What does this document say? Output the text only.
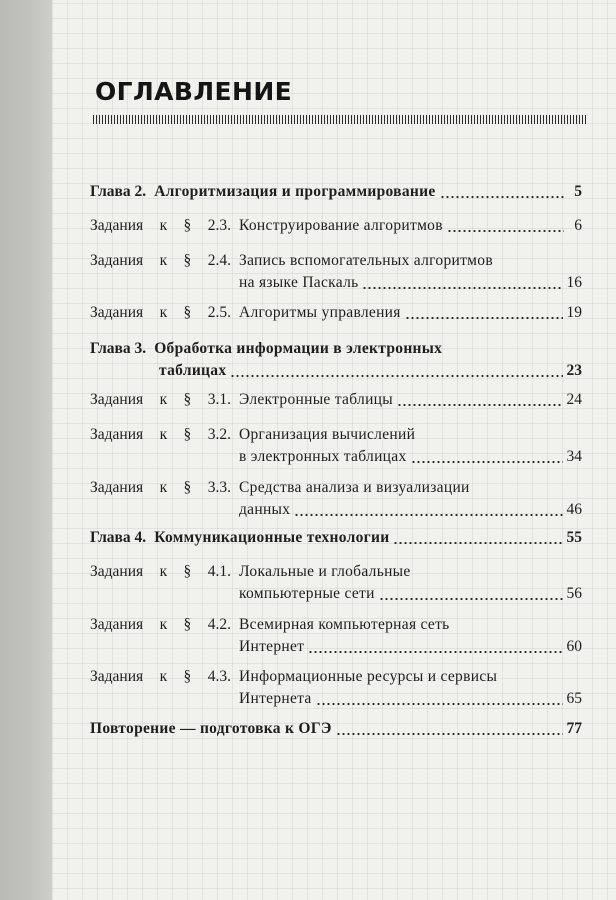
ОГЛАВЛЕНИЕ
Глава 2. Алгоритмизация и программирование	5
Задания к § 2.3. Конструирование алгоритмов	6
Задания к § 2.4. Запись вспомогательных алгоритмов
на языке Паскаль	16
Задания к § 2.5. Алгоритмы управления	19
Глава 3. Обработка информации в электронных
таблицах	23
Задания к § 3.1. Электронные таблицы	24
Задания к § 3.2. Организация вычислений
в электронных таблицах	34
Задания к § 3.3. Средства анализа и визуализации
данных	46
Глава 4. Коммуникационные технологии	55
Задания к § 4.1. Локальные и глобальные
компьютерные сети	56
Задания к § 4.2. Всемирная компьютерная сеть
Интернет	60
Задания к § 4.3. Информационные ресурсы и сервисы
Интернета	65
Повторение — подготовка к ОГЭ	77
